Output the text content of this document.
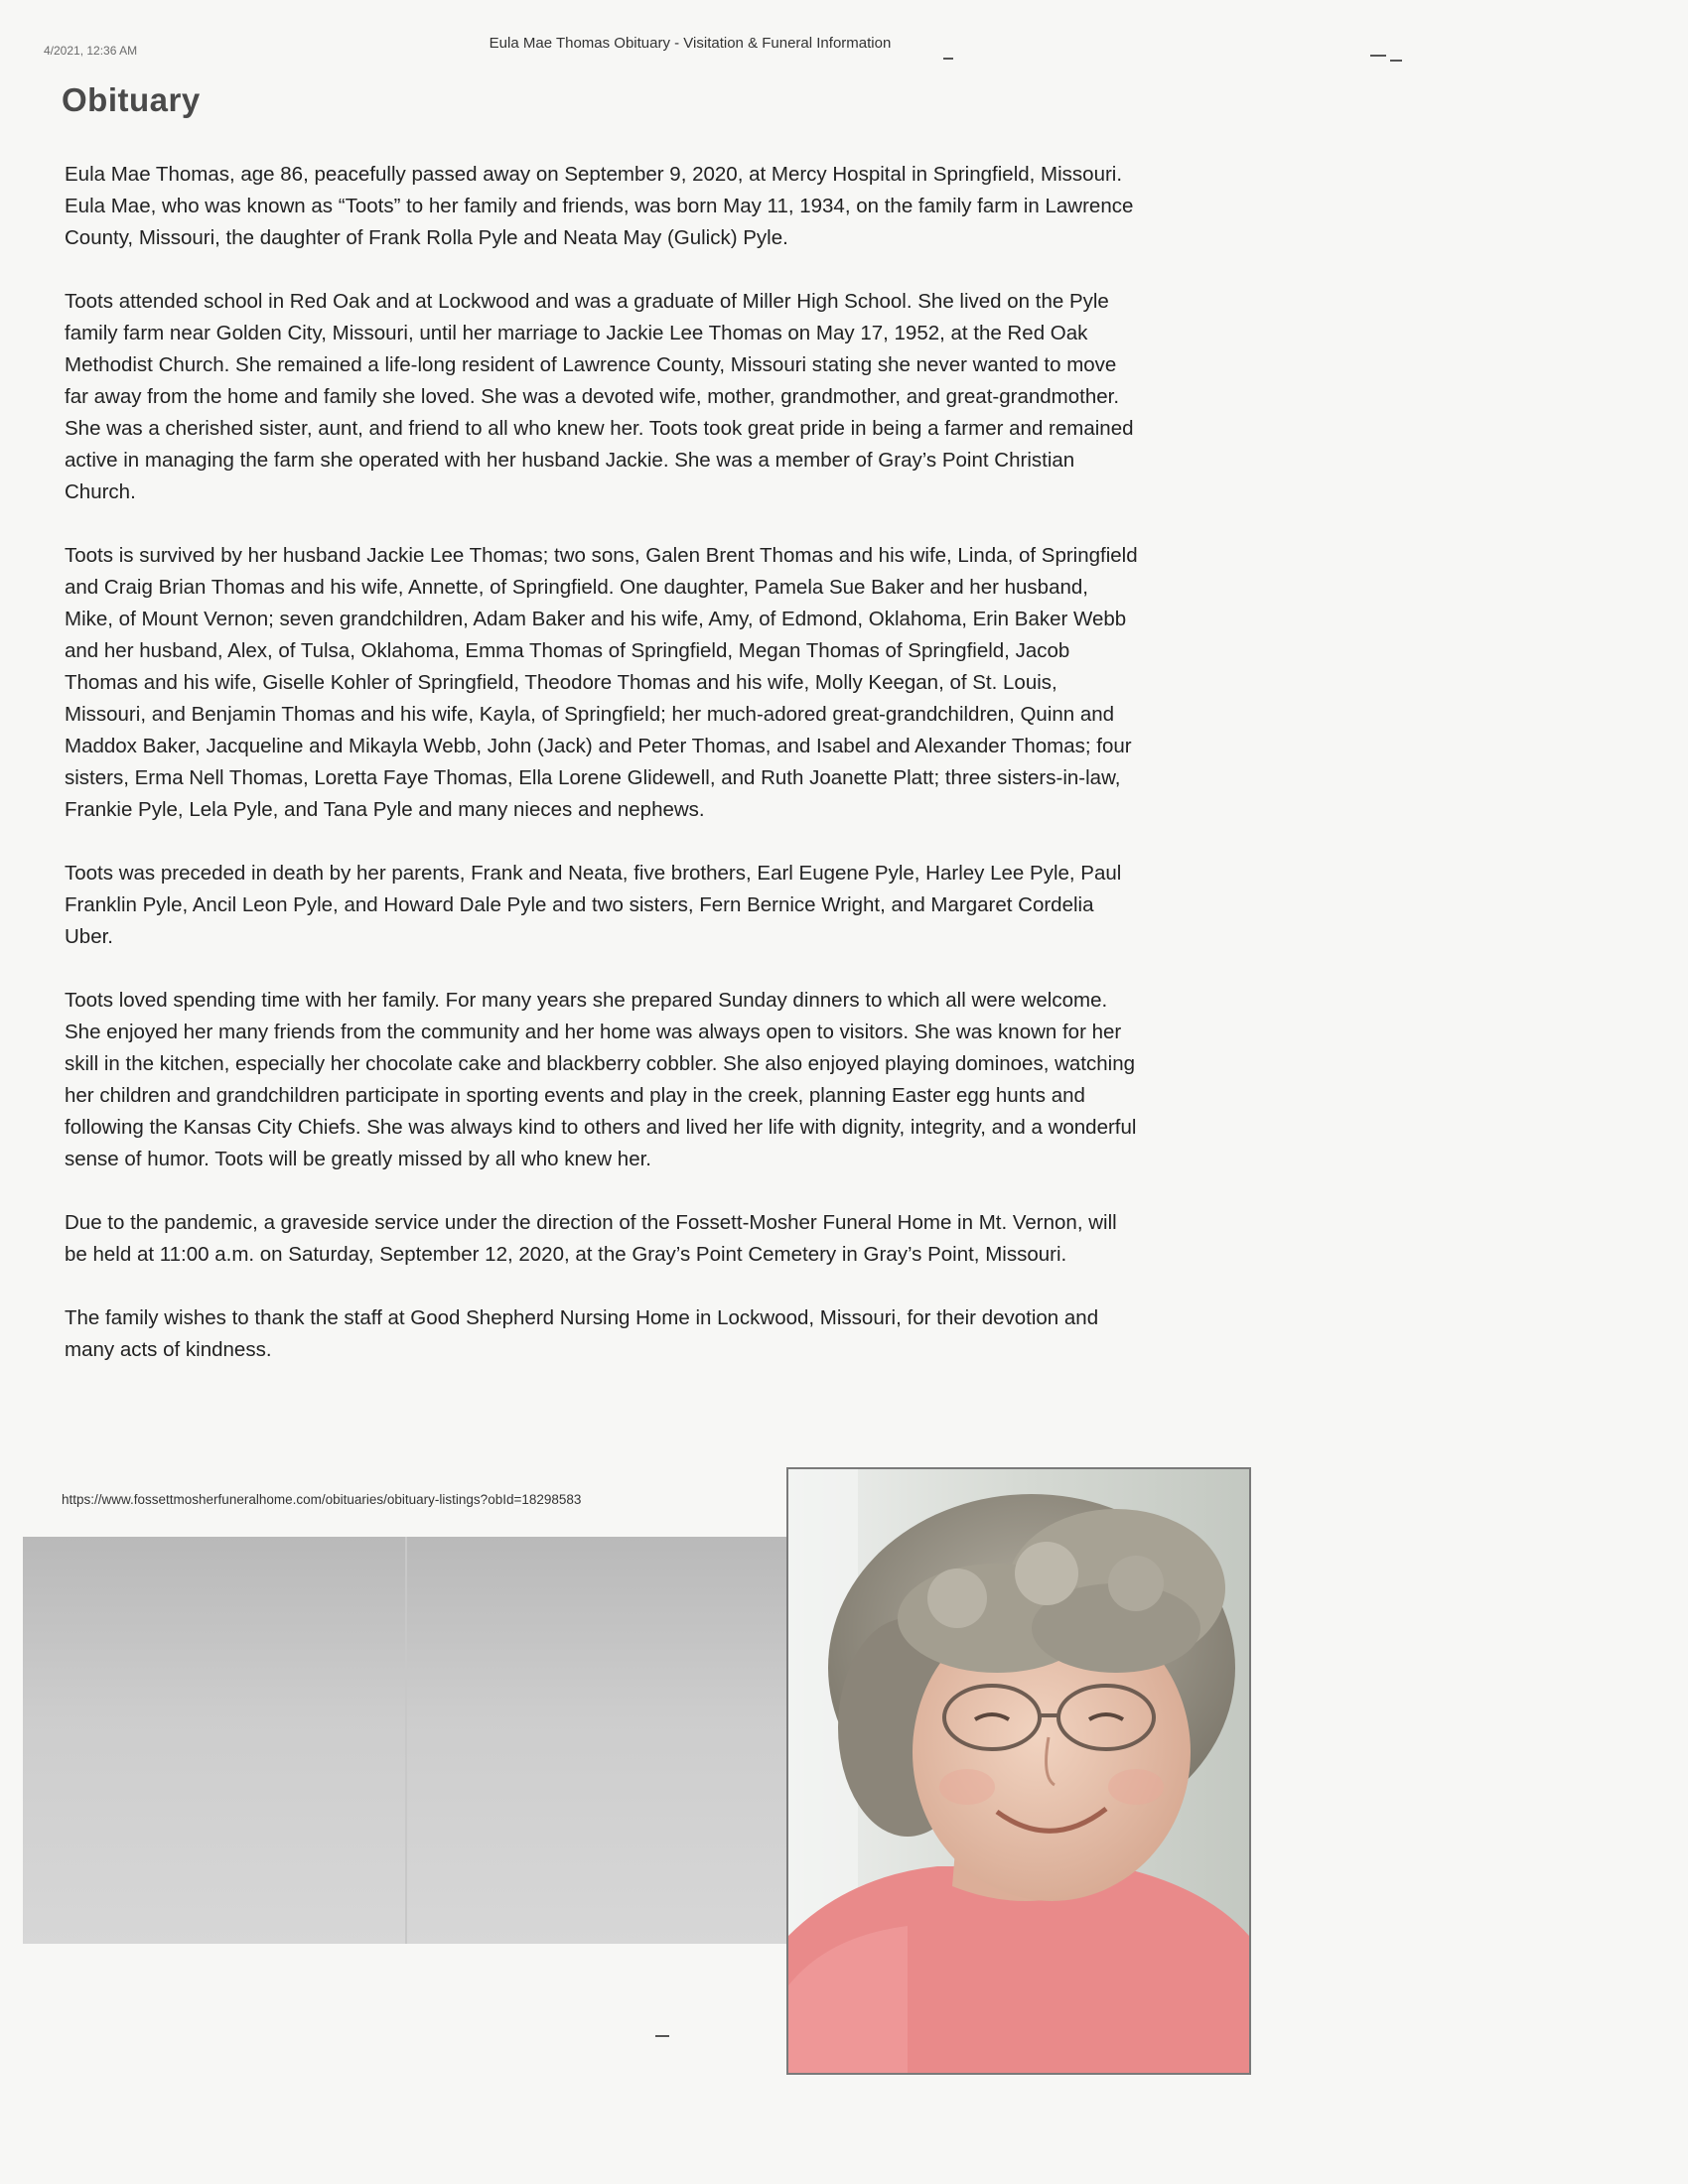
4/2021, 12:36 AM	Eula Mae Thomas Obituary - Visitation & Funeral Information
Obituary

Eula Mae Thomas, age 86, peacefully passed away on September 9, 2020, at Mercy Hospital in Springfield, Missouri. Eula Mae, who was known as “Toots” to her family and friends, was born May 11, 1934, on the family farm in Lawrence County, Missouri, the daughter of Frank Rolla Pyle and Neata May (Gulick) Pyle.

Toots attended school in Red Oak and at Lockwood and was a graduate of Miller High School. She lived on the Pyle family farm near Golden City, Missouri, until her marriage to Jackie Lee Thomas on May 17, 1952, at the Red Oak Methodist Church. She remained a life-long resident of Lawrence County, Missouri stating she never wanted to move far away from the home and family she loved. She was a devoted wife, mother, grandmother, and great-grandmother. She was a cherished sister, aunt, and friend to all who knew her. Toots took great pride in being a farmer and remained active in managing the farm she operated with her husband Jackie. She was a member of Gray’s Point Christian Church.

Toots is survived by her husband Jackie Lee Thomas; two sons, Galen Brent Thomas and his wife, Linda, of Springfield and Craig Brian Thomas and his wife, Annette, of Springfield. One daughter, Pamela Sue Baker and her husband, Mike, of Mount Vernon; seven grandchildren, Adam Baker and his wife, Amy, of Edmond, Oklahoma, Erin Baker Webb and her husband, Alex, of Tulsa, Oklahoma, Emma Thomas of Springfield, Megan Thomas of Springfield, Jacob Thomas and his wife, Giselle Kohler of Springfield, Theodore Thomas and his wife, Molly Keegan, of St. Louis, Missouri, and Benjamin Thomas and his wife, Kayla, of Springfield; her much-adored great-grandchildren, Quinn and Maddox Baker, Jacqueline and Mikayla Webb, John (Jack) and Peter Thomas, and Isabel and Alexander Thomas; four sisters, Erma Nell Thomas, Loretta Faye Thomas, Ella Lorene Glidewell, and Ruth Joanette Platt; three sisters-in-law, Frankie Pyle, Lela Pyle, and Tana Pyle and many nieces and nephews.

Toots was preceded in death by her parents, Frank and Neata, five brothers, Earl Eugene Pyle, Harley Lee Pyle, Paul Franklin Pyle, Ancil Leon Pyle, and Howard Dale Pyle and two sisters, Fern Bernice Wright, and Margaret Cordelia Uber.

Toots loved spending time with her family. For many years she prepared Sunday dinners to which all were welcome. She enjoyed her many friends from the community and her home was always open to visitors. She was known for her skill in the kitchen, especially her chocolate cake and blackberry cobbler. She also enjoyed playing dominoes, watching her children and grandchildren participate in sporting events and play in the creek, planning Easter egg hunts and following the Kansas City Chiefs. She was always kind to others and lived her life with dignity, integrity, and a wonderful sense of humor. Toots will be greatly missed by all who knew her.

Due to the pandemic, a graveside service under the direction of the Fossett-Mosher Funeral Home in Mt. Vernon, will be held at 11:00 a.m. on Saturday, September 12, 2020, at the Gray’s Point Cemetery in Gray’s Point, Missouri.

The family wishes to thank the staff at Good Shepherd Nursing Home in Lockwood, Missouri, for their devotion and many acts of kindness.

https://www.fossettmosherfuneralhome.com/obituaries/obituary-listings?obId=18298583
